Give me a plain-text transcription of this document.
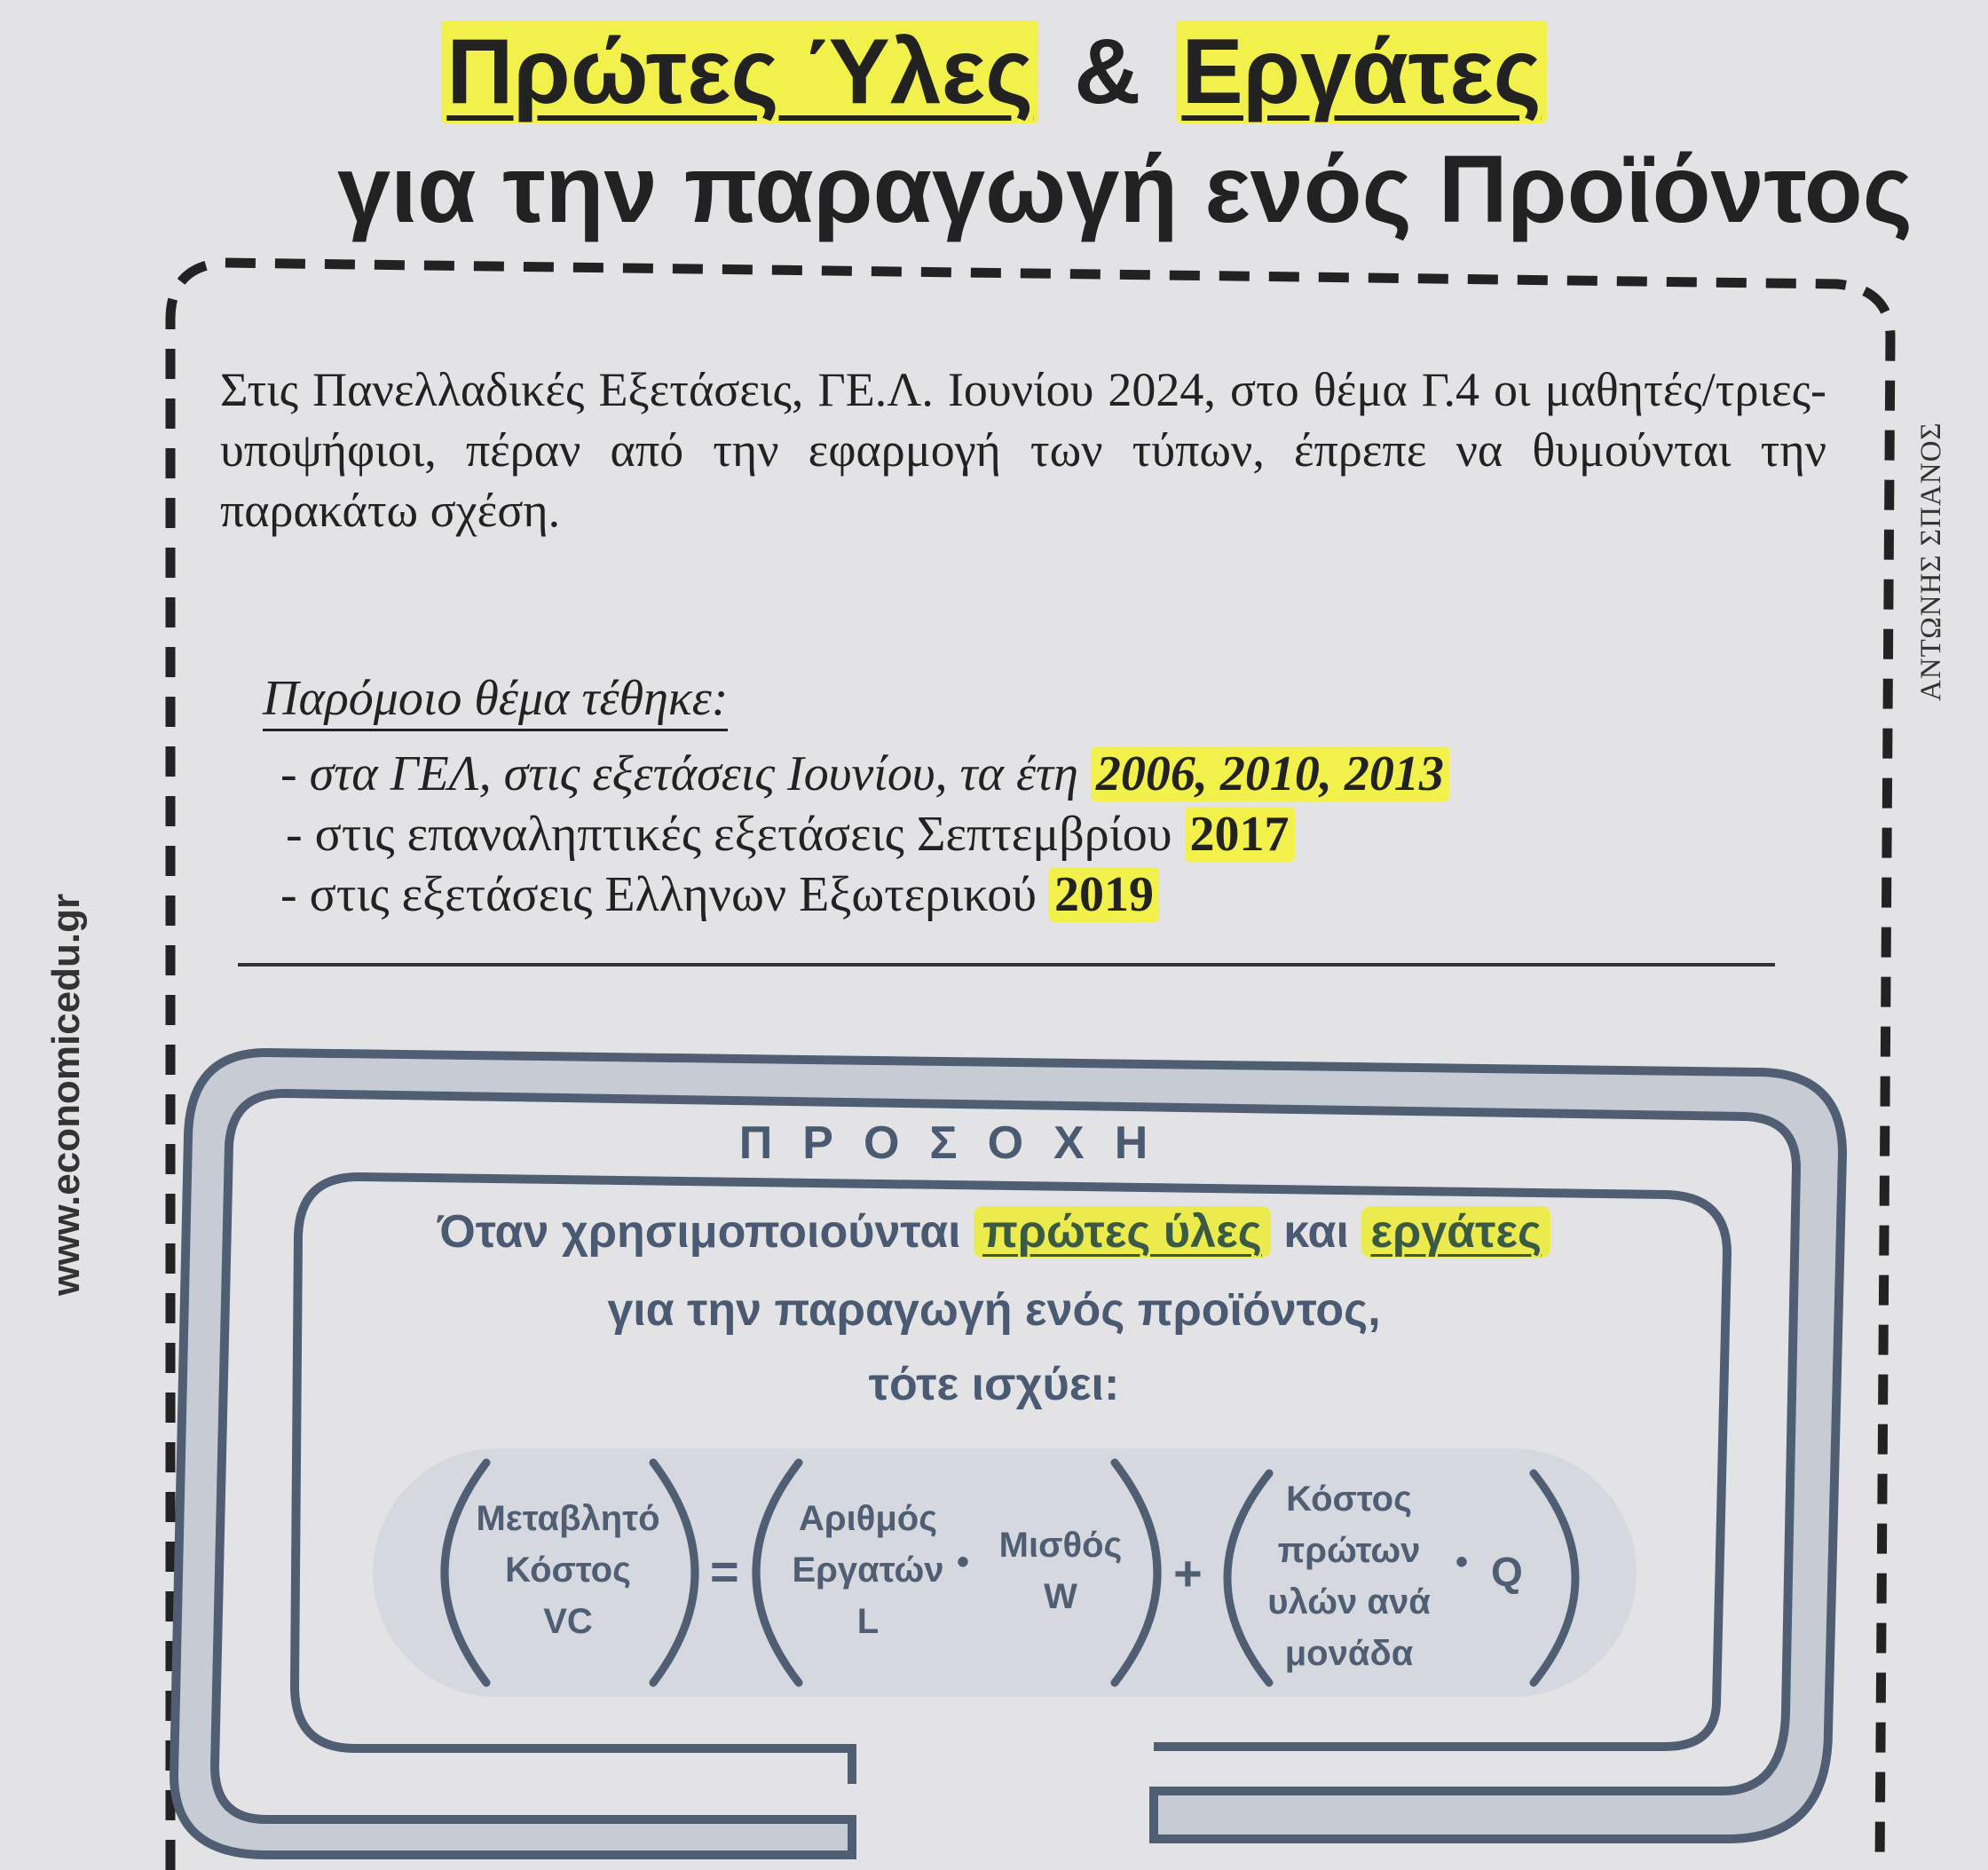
Πρώτες Ύλες & Εργάτες
για την παραγωγή ενός Προϊόντος
www.economicedu.gr
ΑΝΤΩΝΗΣ ΣΠΑΝΟΣ
Στις Πανελλαδικές Εξετάσεις, ΓΕ.Λ. Ιουνίου 2024, στο θέμα Γ.4 οι μαθητές/τριες- υποψήφιοι, πέραν από την εφαρμογή των τύπων, έπρεπε να θυμούνται την παρακάτω σχέση.
Παρόμοιο θέμα τέθηκε:
- στα ΓΕΛ, στις εξετάσεις Ιουνίου, τα έτη 2006, 2010, 2013
- στις επαναληπτικές εξετάσεις Σεπτεμβρίου 2017
- στις εξετάσεις Ελληνων Εξωτερικού 2019
ΠΡΟΣΟΧΗ
Όταν χρησιμοποιούνται πρώτες ύλες και εργάτες
για την παραγωγή ενός προϊόντος,
τότε ισχύει:
Μεταβλητό
Κόστος
VC
=
Αριθμός
Εργατών
L
• Μισθός
W	+
Κόστος
πρώτων
υλών ανά
μονάδα
• Q
